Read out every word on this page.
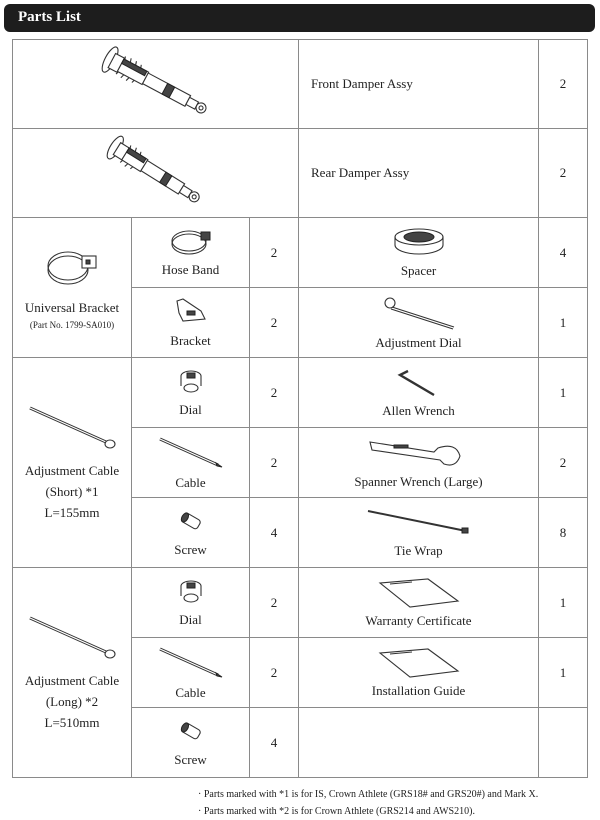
Parts List
	Front Damper Assy	2

	Rear Damper Assy	2

Universal Bracket
(Part No. 1799-SA010)	Hose Band	2	Spacer	4

	Bracket	2	Adjustment Dial	1

Adjustment Cable
(Short) *1
L=155mm	Dial	2	Allen Wrench	1

	Cable	2	Spanner Wrench (Large)	2

	Screw	4	Tie Wrap	8

Adjustment Cable
(Long) *2
L=510mm	Dial	2	Warranty Certificate	1

	Cable	2	Installation Guide	1

	Screw	4		
· Parts marked with *1 is for IS, Crown Athlete (GRS18# and GRS20#) and Mark X.
· Parts marked with *2 is for Crown Athlete (GRS214 and AWS210).
